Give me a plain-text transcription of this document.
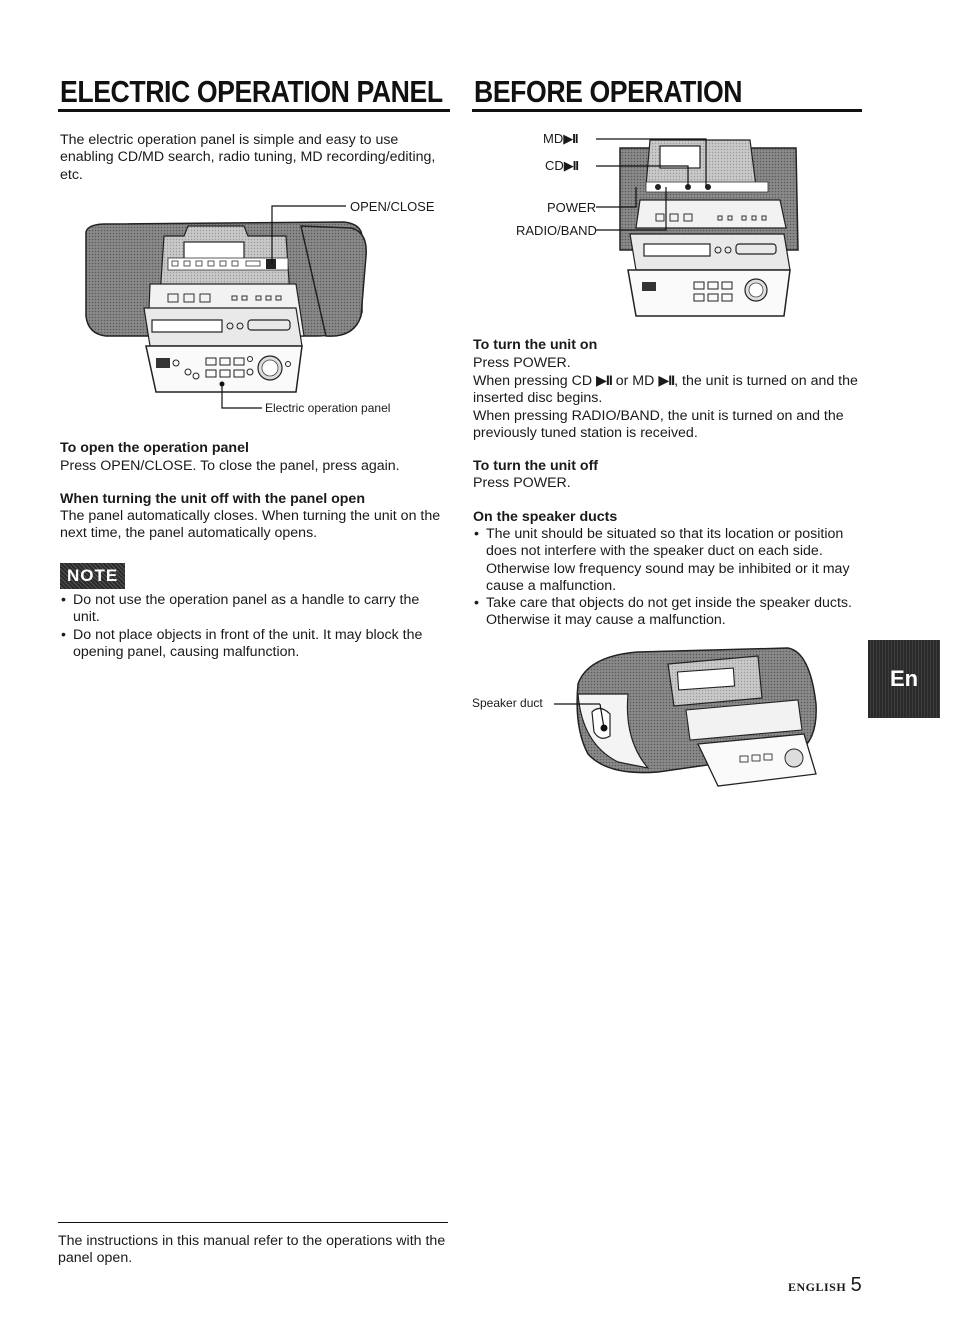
ELECTRIC OPERATION PANEL
The electric operation panel is simple and easy to use enabling CD/MD search, radio tuning, MD recording/editing, etc.
OPEN/CLOSE
Electric operation panel
To open the operation panel
Press OPEN/CLOSE. To close the panel, press again.
When turning the unit off with the panel open
The panel automatically closes. When turning the unit on the next time, the panel automatically opens.
NOTE
• Do not use the operation panel as a handle to carry the unit.
• Do not place objects in front of the unit. It may block the opening panel, causing malfunction.
The instructions in this manual refer to the operations with the panel open.
BEFORE OPERATION
MD▶II
CD▶II
POWER
RADIO/BAND
To turn the unit on
Press POWER.
When pressing CD ▶II or MD ▶II, the unit is turned on and the inserted disc begins.
When pressing RADIO/BAND, the unit is turned on and the previously tuned station is received.
To turn the unit off
Press POWER.
On the speaker ducts
• The unit should be situated so that its location or position does not interfere with the speaker duct on each side. Otherwise low frequency sound may be inhibited or it may cause a malfunction.
• Take care that objects do not get inside the speaker ducts. Otherwise it may cause a malfunction.
Speaker duct
En
ENGLISH 5
